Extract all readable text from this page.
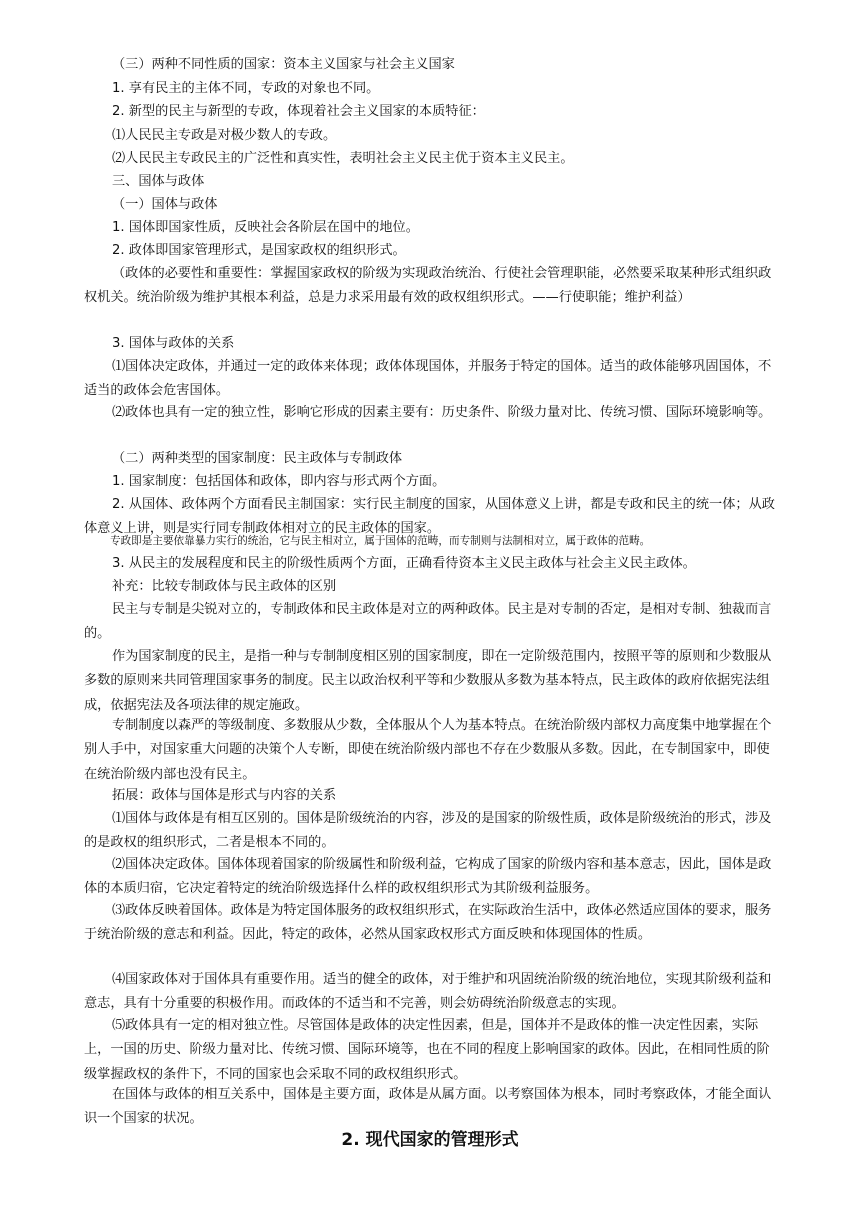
（三）两种不同性质的国家：资本主义国家与社会主义国家

1. 享有民主的主体不同，专政的对象也不同。

2. 新型的民主与新型的专政，体现着社会主义国家的本质特征：

⑴人民民主专政是对极少数人的专政。

⑵人民民主专政民主的广泛性和真实性，表明社会主义民主优于资本主义民主。

三、国体与政体

（一）国体与政体

1. 国体即国家性质，反映社会各阶层在国中的地位。

2. 政体即国家管理形式，是国家政权的组织形式。

（政体的必要性和重要性：掌握国家政权的阶级为实现政治统治、行使社会管理职能，必然要采取某种形式组织政权机关。统治阶级为维护其根本利益，总是力求采用最有效的政权组织形式。——行使职能；维护利益）

3. 国体与政体的关系

⑴国体决定政体，并通过一定的政体来体现；政体体现国体，并服务于特定的国体。适当的政体能够巩固国体，不适当的政体会危害国体。

⑵政体也具有一定的独立性，影响它形成的因素主要有：历史条件、阶级力量对比、传统习惯、国际环境影响等。

（二）两种类型的国家制度：民主政体与专制政体

1. 国家制度：包括国体和政体，即内容与形式两个方面。

2. 从国体、政体两个方面看民主制国家：实行民主制度的国家，从国体意义上讲，都是专政和民主的统一体；从政体意义上讲，则是实行同专制政体相对立的民主政体的国家。

专政即是主要依靠暴力实行的统治，它与民主相对立，属于国体的范畴，而专制则与法制相对立，属于政体的范畴。

3. 从民主的发展程度和民主的阶级性质两个方面，正确看待资本主义民主政体与社会主义民主政体。

补充：比较专制政体与民主政体的区别

民主与专制是尖锐对立的，专制政体和民主政体是对立的两种政体。民主是对专制的否定，是相对专制、独裁而言的。

作为国家制度的民主，是指一种与专制制度相区别的国家制度，即在一定阶级范围内，按照平等的原则和少数服从多数的原则来共同管理国家事务的制度。民主以政治权利平等和少数服从多数为基本特点，民主政体的政府依据宪法组成，依据宪法及各项法律的规定施政。

专制制度以森严的等级制度、多数服从少数，全体服从个人为基本特点。在统治阶级内部权力高度集中地掌握在个别人手中，对国家重大问题的决策个人专断，即使在统治阶级内部也不存在少数服从多数。因此，在专制国家中，即使在统治阶级内部也没有民主。

拓展：政体与国体是形式与内容的关系

⑴国体与政体是有相互区别的。国体是阶级统治的内容，涉及的是国家的阶级性质，政体是阶级统治的形式，涉及的是政权的组织形式，二者是根本不同的。

⑵国体决定政体。国体体现着国家的阶级属性和阶级利益，它构成了国家的阶级内容和基本意志，因此，国体是政体的本质归宿，它决定着特定的统治阶级选择什么样的政权组织形式为其阶级利益服务。

⑶政体反映着国体。政体是为特定国体服务的政权组织形式，在实际政治生活中，政体必然适应国体的要求，服务于统治阶级的意志和利益。因此，特定的政体，必然从国家政权形式方面反映和体现国体的性质。

⑷国家政体对于国体具有重要作用。适当的健全的政体，对于维护和巩固统治阶级的统治地位，实现其阶级利益和意志，具有十分重要的积极作用。而政体的不适当和不完善，则会妨碍统治阶级意志的实现。

⑸政体具有一定的相对独立性。尽管国体是政体的决定性因素，但是，国体并不是政体的惟一决定性因素，实际上，一国的历史、阶级力量对比、传统习惯、国际环境等，也在不同的程度上影响国家的政体。因此，在相同性质的阶级掌握政权的条件下，不同的国家也会采取不同的政权组织形式。

在国体与政体的相互关系中，国体是主要方面，政体是从属方面。以考察国体为根本，同时考察政体，才能全面认识一个国家的状况。

2. 现代国家的管理形式
